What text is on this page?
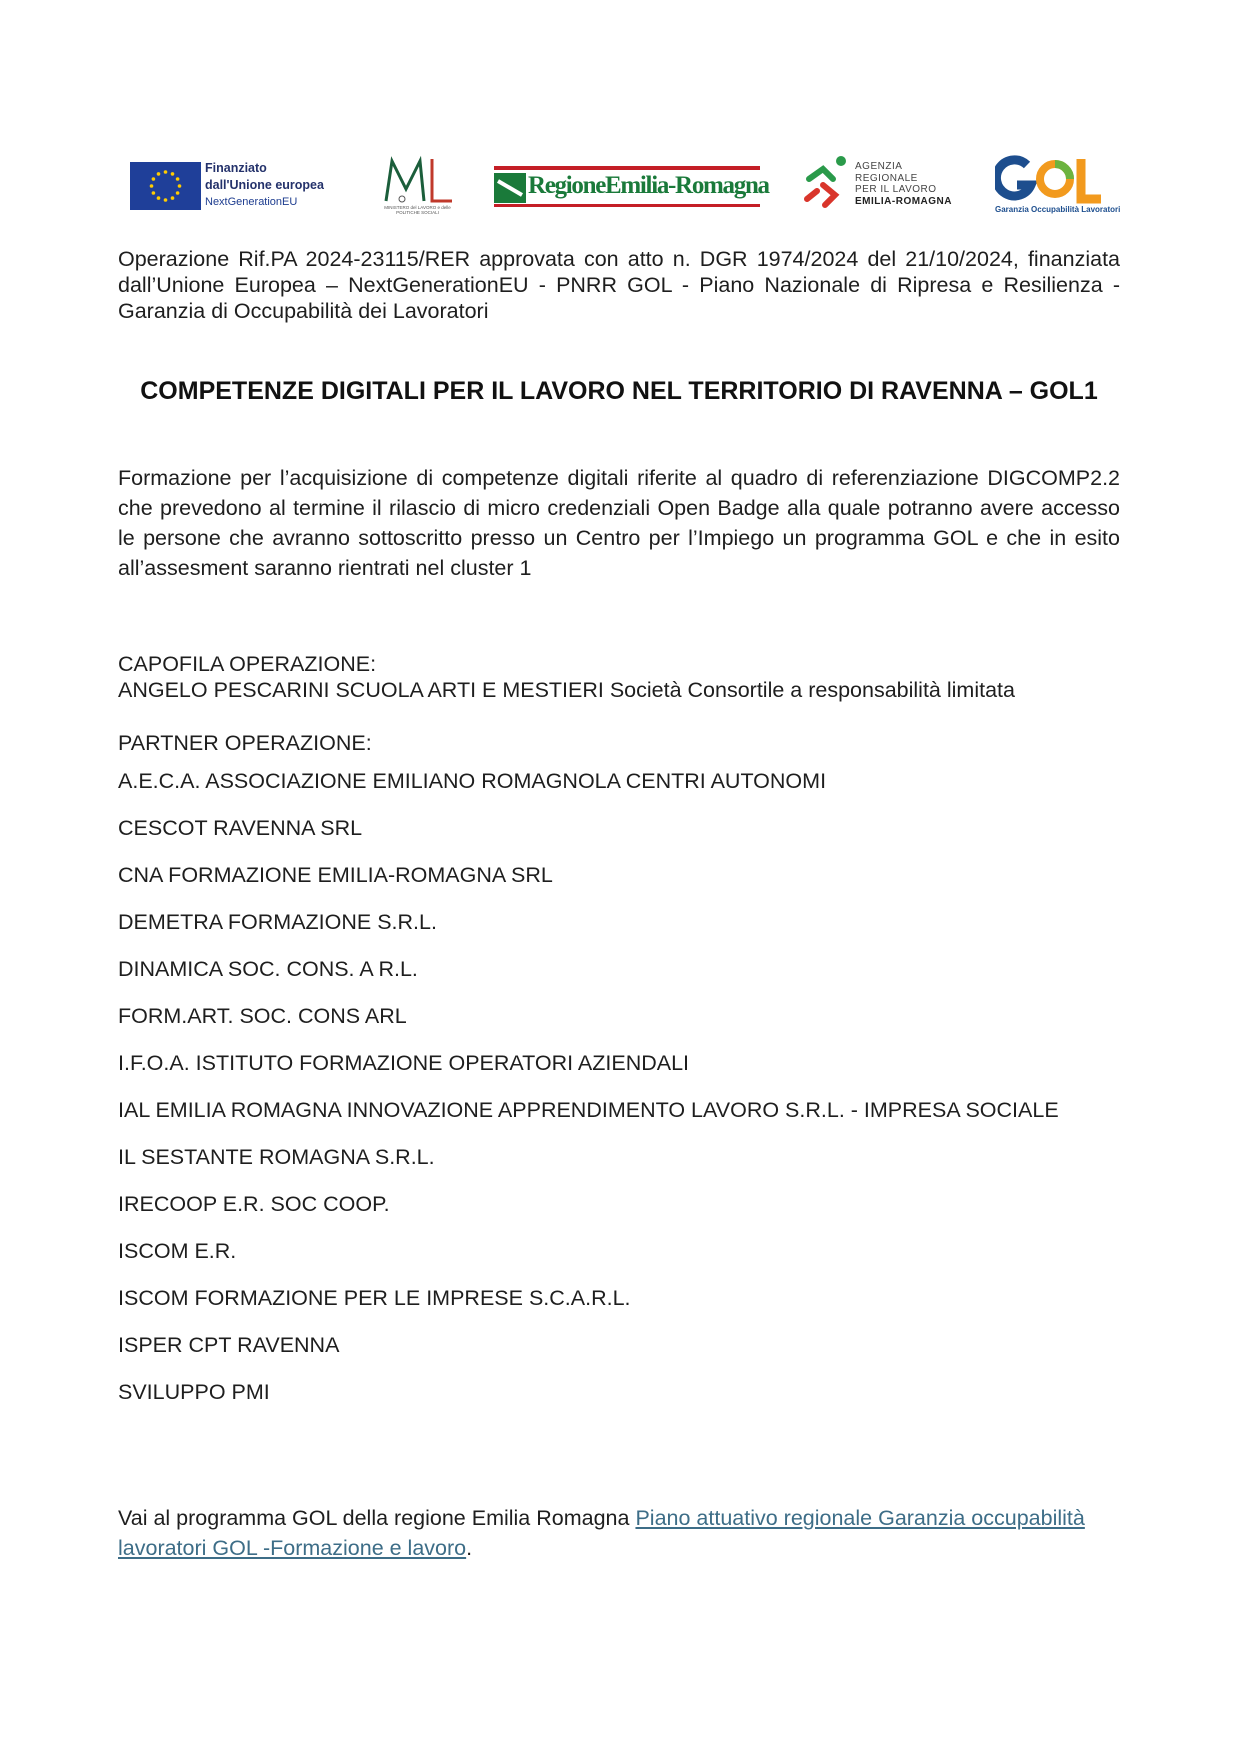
Finanziato
dall'Unione europea
NextGenerationEU	MINISTERO del LAVORO e delle POLITICHE SOCIALI
RegioneEmilia-Romagna
AGENZIA
REGIONALE
PER IL LAVORO
EMILIA-ROMAGNA
Garanzia Occupabilità Lavoratori
Operazione Rif.PA 2024-23115/RER approvata con atto n. DGR 1974/2024 del 21/10/2024, finanziata dall’Unione Europea – NextGenerationEU - PNRR GOL - Piano Nazionale di Ripresa e Resilienza - Garanzia di Occupabilità dei Lavoratori
COMPETENZE DIGITALI PER IL LAVORO NEL TERRITORIO DI RAVENNA – GOL1
Formazione per l’acquisizione di competenze digitali riferite al quadro di referenziazione DIGCOMP2.2 che prevedono al termine il rilascio di micro credenziali Open Badge alla quale potranno avere accesso le persone che avranno sottoscritto presso un Centro per l’Impiego un programma GOL e che in esito all’assesment saranno rientrati nel cluster 1
CAPOFILA OPERAZIONE:
ANGELO PESCARINI SCUOLA ARTI E MESTIERI Società Consortile a responsabilità limitata
PARTNER OPERAZIONE:
A.E.C.A. ASSOCIAZIONE EMILIANO ROMAGNOLA CENTRI AUTONOMI
CESCOT RAVENNA SRL
CNA FORMAZIONE EMILIA-ROMAGNA SRL
DEMETRA FORMAZIONE S.R.L.
DINAMICA SOC. CONS. A R.L.
FORM.ART. SOC. CONS ARL
I.F.O.A. ISTITUTO FORMAZIONE OPERATORI AZIENDALI
IAL EMILIA ROMAGNA INNOVAZIONE APPRENDIMENTO LAVORO S.R.L. - IMPRESA SOCIALE
IL SESTANTE ROMAGNA S.R.L.
IRECOOP E.R. SOC COOP.
ISCOM E.R.
ISCOM FORMAZIONE PER LE IMPRESE S.C.A.R.L.
ISPER CPT RAVENNA
SVILUPPO PMI
Vai al programma GOL della regione Emilia Romagna Piano attuativo regionale Garanzia occupabilità lavoratori GOL -Formazione e lavoro.
